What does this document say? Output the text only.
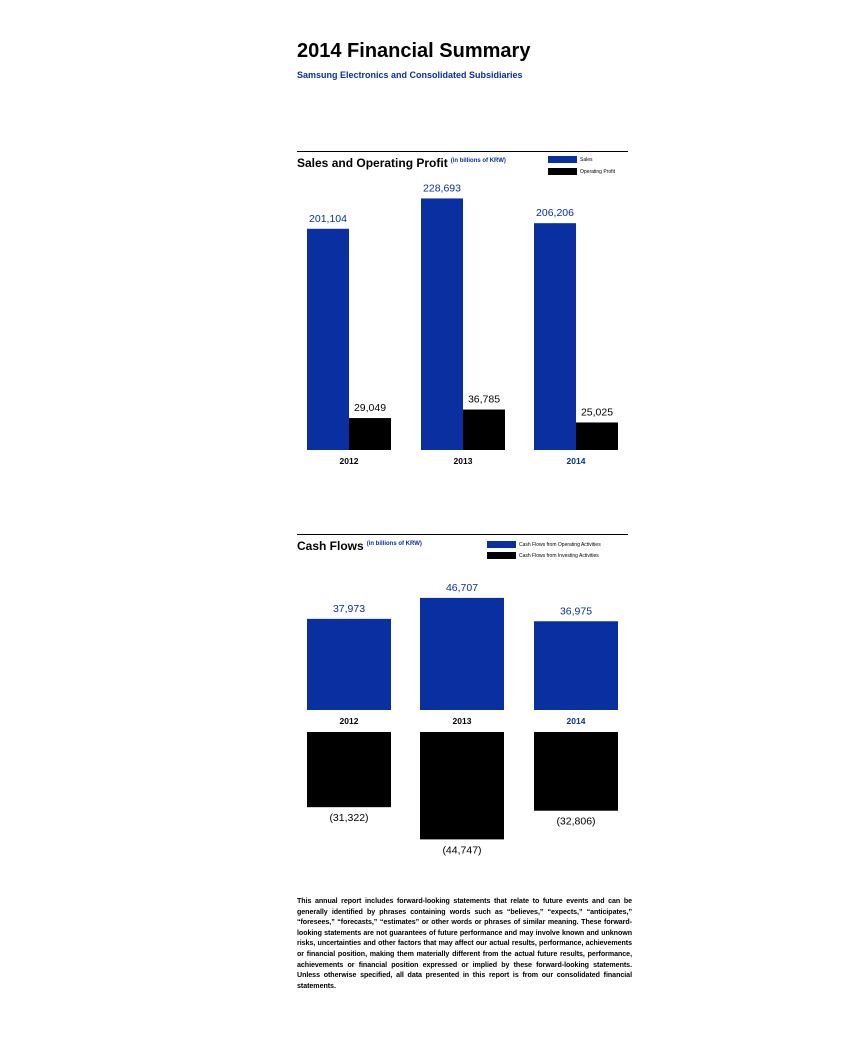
2014 Financial Summary
Samsung Electronics and Consolidated Subsidiaries
Sales and Operating Profit $^{(in billions of KRW)}$	Sales
Operating Profit
201,104
29,049
2012
228,693
36,785
2013
206,206
25,025
2014
Cash Flows $^{(in billions of KRW)}$	Cash Flows from Operating Activities
Cash Flows from Investing Activities
37,973
(31,322)
2012
46,707
(44,747)
2013
36,975
(32,806)
2014
This annual report includes forward-looking statements that relate to future events and can be generally identified by phrases containing words such as “believes,” “expects,” “anticipates,” “foresees,” “forecasts,” “estimates” or other words or phrases of similar meaning. These forward-looking statements are not guarantees of future performance and may involve known and unknown risks, uncertainties and other factors that may affect our actual results, performance, achievements or financial position, making them materially different from the actual future results, performance, achievements or financial position expressed or implied by these forward-looking statements. Unless otherwise specified, all data presented in this report is from our consolidated financial statements.
